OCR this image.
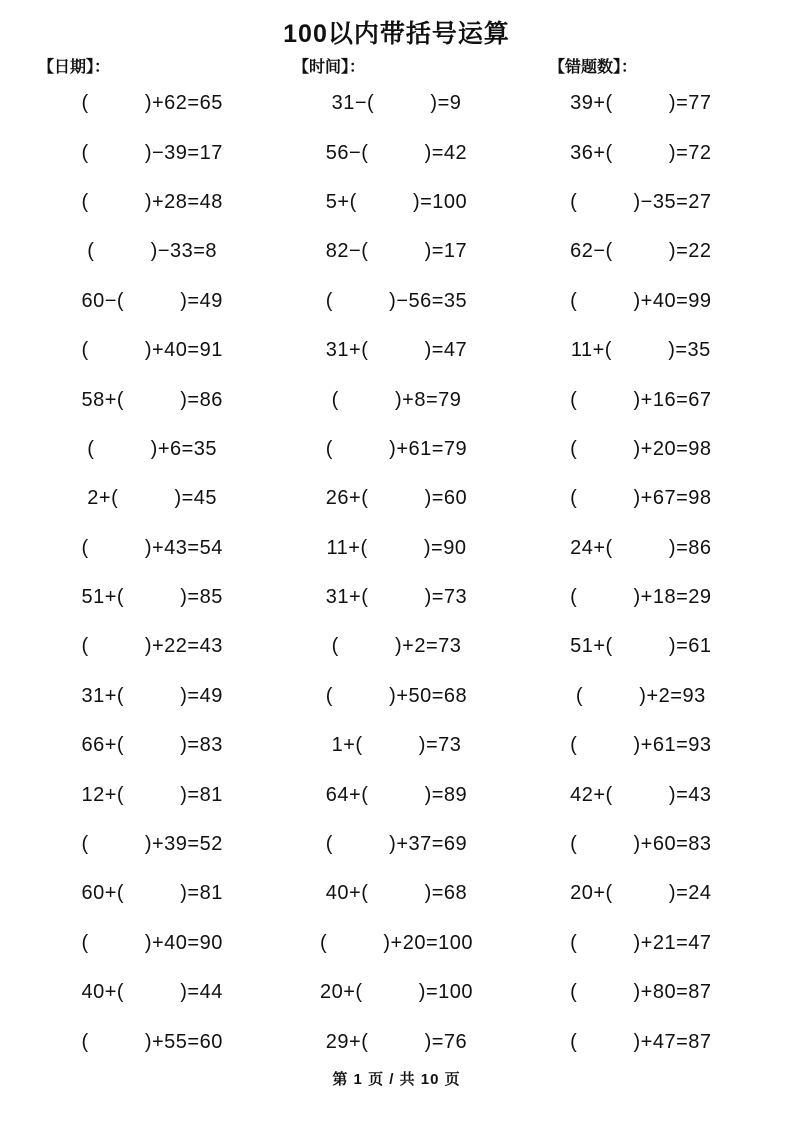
100以内带括号运算
【日期】：	【时间】：	【错题数】：
(    )+62=65	31−(    )=9	39+(    )=77
(    )−39=17	56−(    )=42	36+(    )=72
(    )+28=48	5+(    )=100	(    )−35=27
(    )−33=8	82−(    )=17	62−(    )=22
60−(    )=49	(    )−56=35	(    )+40=99
(    )+40=91	31+(    )=47	11+(    )=35
58+(    )=86	(    )+8=79	(    )+16=67
(    )+6=35	(    )+61=79	(    )+20=98
2+(    )=45	26+(    )=60	(    )+67=98
(    )+43=54	11+(    )=90	24+(    )=86
51+(    )=85	31+(    )=73	(    )+18=29
(    )+22=43	(    )+2=73	51+(    )=61
31+(    )=49	(    )+50=68	(    )+2=93
66+(    )=83	1+(    )=73	(    )+61=93
12+(    )=81	64+(    )=89	42+(    )=43
(    )+39=52	(    )+37=69	(    )+60=83
60+(    )=81	40+(    )=68	20+(    )=24
(    )+40=90	(    )+20=100	(    )+21=47
40+(    )=44	20+(    )=100	(    )+80=87
(    )+55=60	29+(    )=76	(    )+47=87
第 1 页 / 共 10 页
